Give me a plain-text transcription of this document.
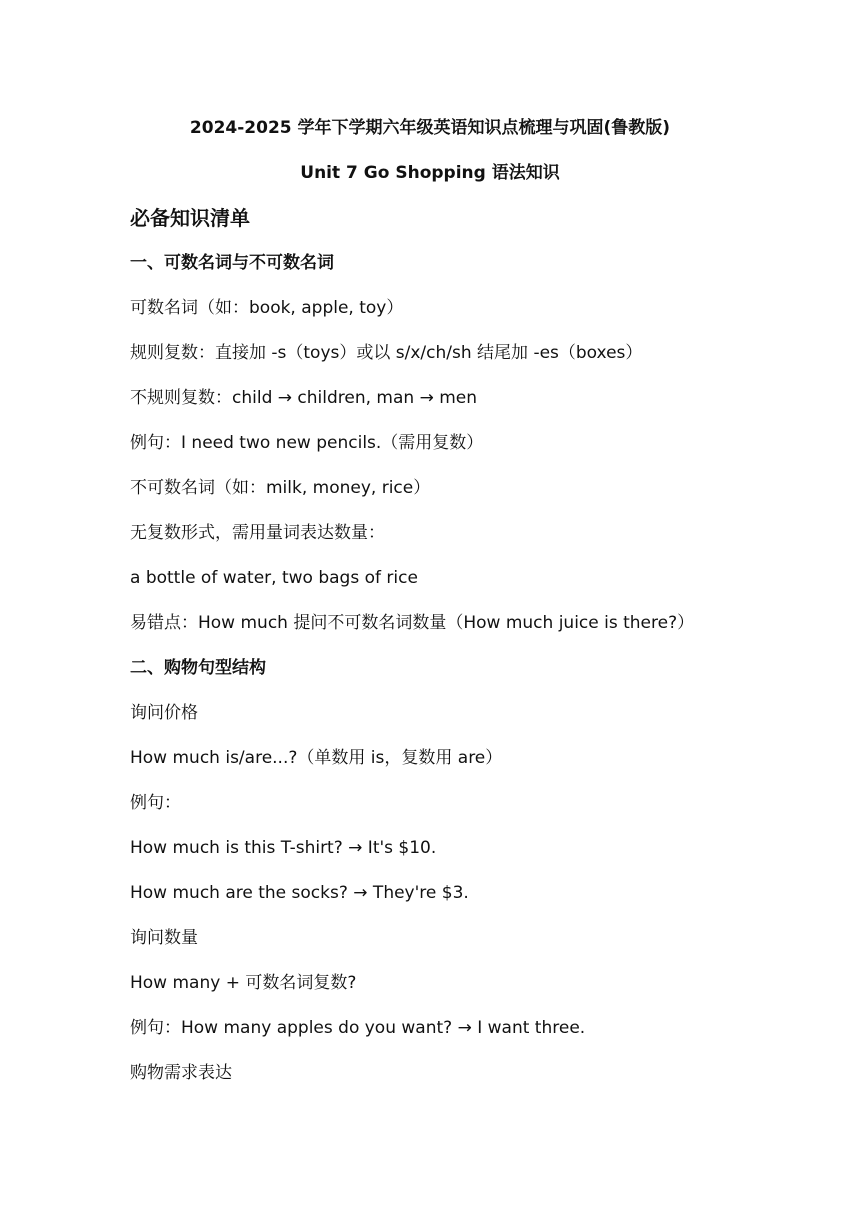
2024-2025 学年下学期六年级英语知识点梳理与巩固(鲁教版)
Unit 7 Go Shopping 语法知识
必备知识清单
一、可数名词与不可数名词
可数名词（如：book, apple, toy）
规则复数：直接加 -s（toys）或以 s/x/ch/sh 结尾加 -es（boxes）
不规则复数：child → children, man → men
例句：I need two new pencils.（需用复数）
不可数名词（如：milk, money, rice）
无复数形式，需用量词表达数量：
a bottle of water, two bags of rice
易错点：How much 提问不可数名词数量（How much juice is there?）
二、购物句型结构
询问价格
How much is/are...?（单数用 is，复数用 are）
例句：
How much is this T-shirt? → It's $10.
How much are the socks? → They're $3.
询问数量
How many + 可数名词复数?
例句：How many apples do you want? → I want three.
购物需求表达
